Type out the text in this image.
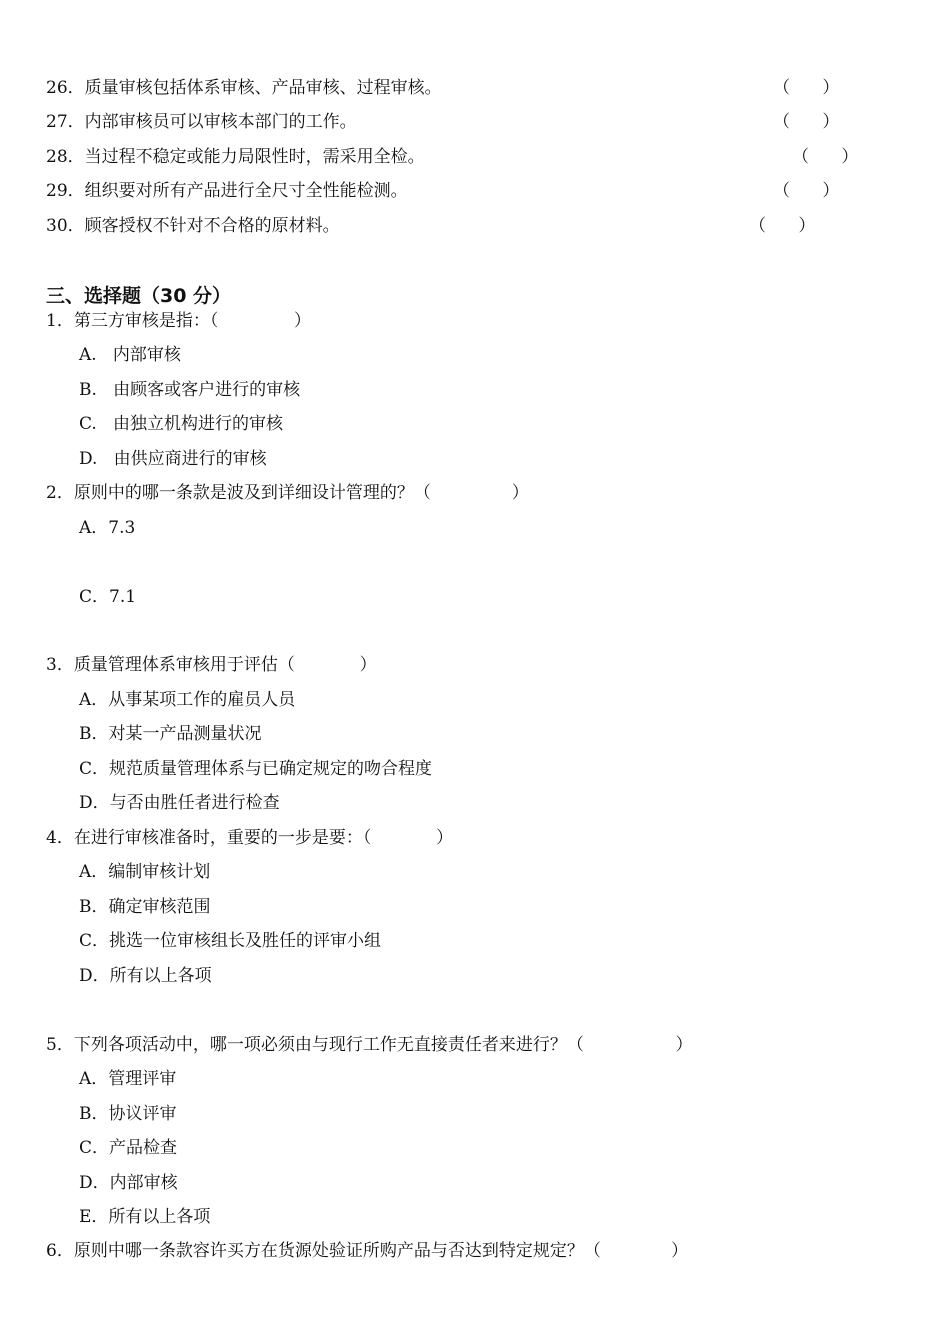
26．质量审核包括体系审核、产品审核、过程审核。	（      ）
27．内部审核员可以审核本部门的工作。	（      ）
28．当过程不稳定或能力局限性时，需采用全检。	（      ）
29．组织要对所有产品进行全尺寸全性能检测。	（      ）
30．顾客授权不针对不合格的原材料。	（      ）
三、选择题（30 分）
1．第三方审核是指：（              ）
A.   内部审核
B.   由顾客或客户进行的审核
C.   由独立机构进行的审核
D.   由供应商进行的审核
2．原则中的哪一条款是波及到详细设计管理的？（               ）
A．7.3
C．7.1
3．质量管理体系审核用于评估（            ）
A．从事某项工作的雇员人员
B．对某一产品测量状况
C．规范质量管理体系与已确定规定的吻合程度
D．与否由胜任者进行检查
4．在进行审核准备时，重要的一步是要：（            ）
A．编制审核计划
B．确定审核范围
C．挑选一位审核组长及胜任的评审小组
D．所有以上各项
5．下列各项活动中，哪一项必须由与现行工作无直接责任者来进行？（                 ）
A．管理评审
B．协议评审
C．产品检查
D．内部审核
E．所有以上各项
6．原则中哪一条款容许买方在货源处验证所购产品与否达到特定规定？（             ）
